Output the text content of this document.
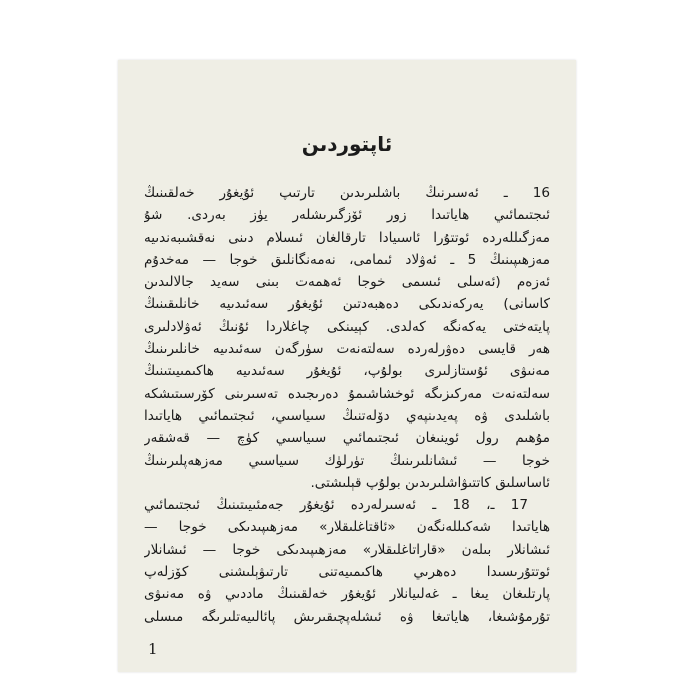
ئاپتوردىن
16 ـ ئەسىرنىڭ باشلىرىدىن تارتىپ ئۇيغۇر خەلقىنىڭ
ئىجتىمائىي ھاياتىدا زور ئۆزگىرىشلەر يۈز بەردى. شۇ
مەزگىللەردە ئوتتۇرا ئاسىيادا تارقالغان ئىسلام دىنى نەقشىبەندىيە
مەزھىپىنىڭ 5 ـ ئەۋلاد ئىمامى، نەمەنگانلىق خوجا — مەخدۇم
ئەزەم (ئەسلى ئىسمى خوجا ئەھمەت بىنى سەيد جالالىدىن
كاسانى) يەركەندىكى دەھبەدتىن ئۇيغۇر سەئىدىيە خانلىقىنىڭ
پايتەختى يەكەنگە كەلدى. كېيىنكى چاغلاردا ئۇنىڭ ئەۋلادلىرى
ھەر قايسى دەۋرلەردە سەلتەنەت سۈرگەن سەئىدىيە خانلىرىنىڭ
مەنىۋى ئۇستازلىرى بولۇپ، ئۇيغۇر سەئىدىيە ھاكىمىيىتىنىڭ
سەلتەنەت مەركىزىگە ئوخشاشىمۇ دەرىجىدە تەسىرىنى كۆرسىتىشكە
باشلىدى ۋە پەيدىنپەي دۆلەتنىڭ سىياسىي، ئىجتىمائىي ھاياتىدا
مۇھىم رول ئوينىغان ئىجتىمائىي سىياسىي كۈچ — قەشقەر
خوجا — ئىشانلىرىنىڭ تۈرلۈك سىياسىي مەزھەپلىرىنىڭ
ئاساسلىق كاتتىۋاشلىرىدىن بولۇپ قېلىشتى.
17 ـ، 18 ـ ئەسىرلەردە ئۇيغۇر جەمئىيىتىنىڭ ئىجتىمائىي
ھاياتىدا شەكىللەنگەن «ئاقتاغلىقلار» مەزھىپىدىكى خوجا —
ئىشانلار بىلەن «قاراتاغلىقلار» مەزھىپىدىكى خوجا — ئىشانلار
ئوتتۇرىسىدا دەھرىي ھاكىمىيەتنى تارتىۋېلىشنى كۆزلەپ
پارتلىغان يىغا ـ غەلىيانلار ئۇيغۇر خەلقىنىڭ ماددىي ۋە مەنىۋى
تۇرمۇشىغا، ھاياتىغا ۋە ئىشلەپچىقىرىش پائالىيەتلىرىگە مىسلى
1
